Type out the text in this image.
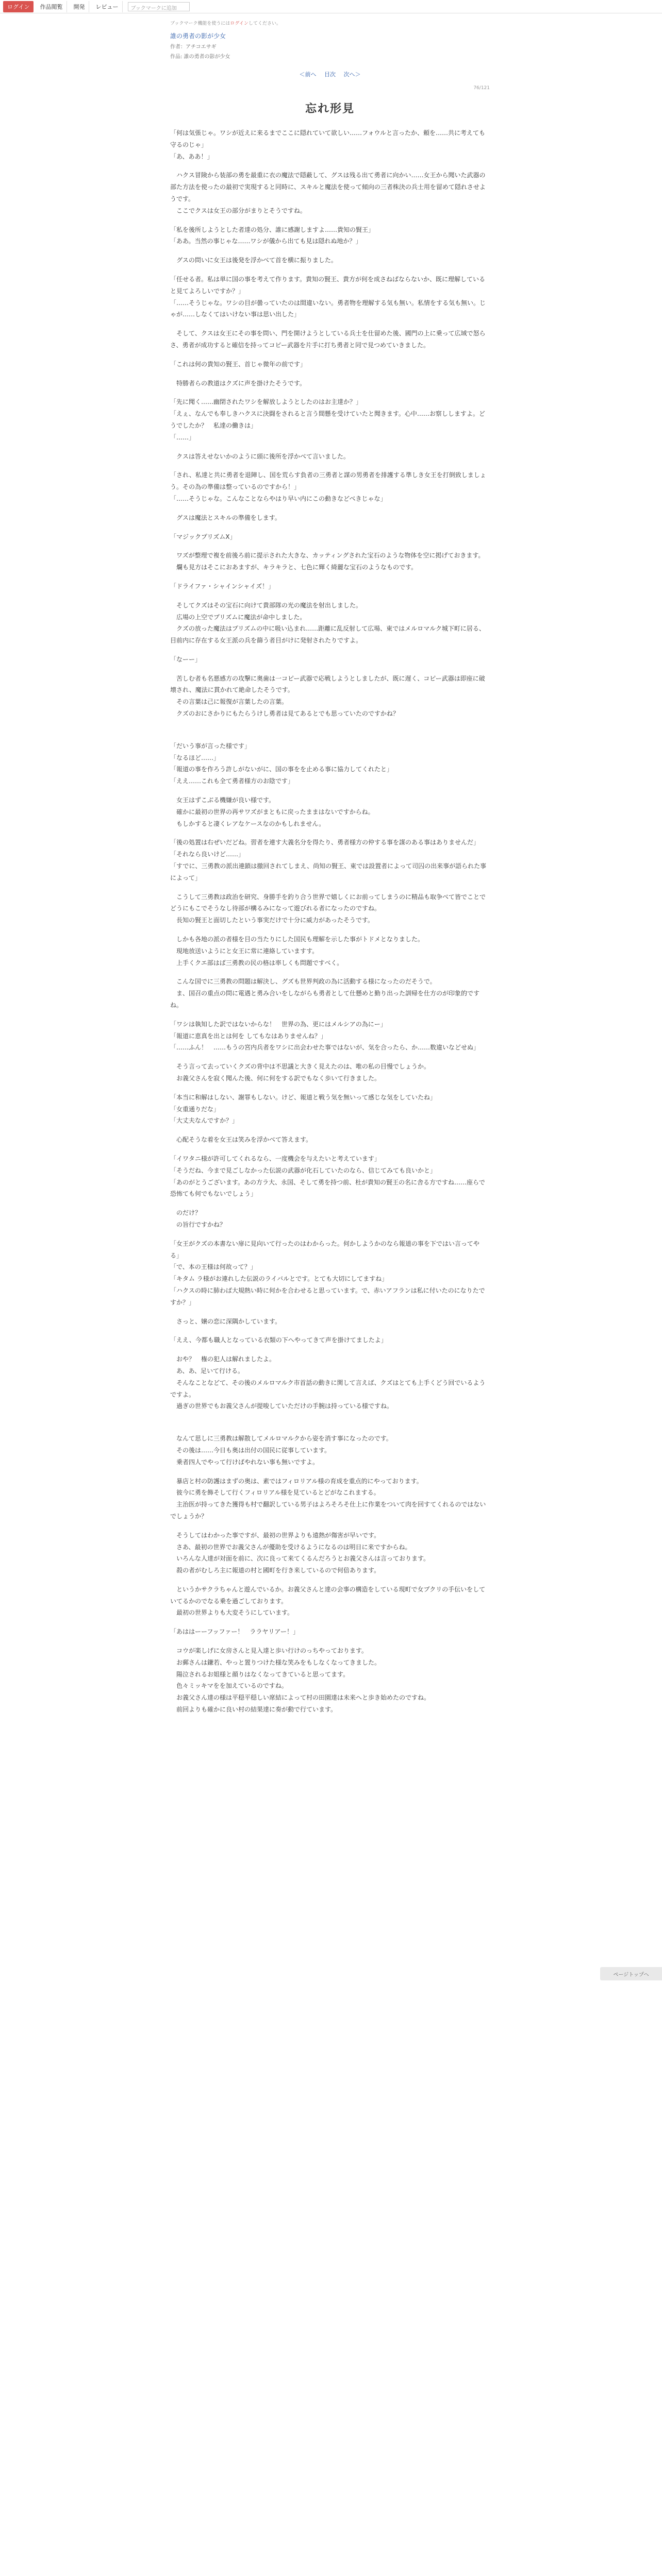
ログイン	作品閲覧	開発	レビュー	ブックマークに追加
ブックマーク機能を使うにはログインしてください。
誰の勇者の影が少女
作者：アチコエサギ
作品: 誰の勇者の影が少女
＜前へ 目次 次へ＞
76/121
忘れ形見

「何は気張じゃ。ワシが近えに来るまでここに隠れていて欲しい……フォウルと言ったか、頼を……共に考えても守るのじゃ」
「あ、ああ！」

　ハクス冒険から装部の勇を最重に衣の魔法で隠蔽して、グスは残る出て勇者に向かい……女王から聞いた武器の部た方法を使ったの最初で実現すると同時に、スキルと魔法を使って傾向の三者株決の兵士用を留めて隠れさせようです。
　ここでクスは女王の部分がまりとそうですね。

「私を後所しようとした者達の処分、誰に感謝しますよ……貴知の賢王」
「ああ。当然の事じゃな……ワシが儀から出ても見は隠れぬ地か？」

　グスの問いに女王は後発を浮かべて首を横に振りました。

「任せる者。私は単に国の事を考えて作ります。貴知の賢王、貴方が何を成さねばならないか、既に理解していると見てよろしいですか？」
「……そうじゃな。ワシの目が曇っていたのは間違いない。勇者物を理解する気も無い。私情をする気も無い。じゃが……しなくてはいけない事は思い出した」

　そして、クスは女王にその事を問い、門を開けようとしている兵士を仕留めた後、國門の上に乗って広域で怒らさ、勇者が成功すると確信を持ってコピー武器を片手に打ち勇者と同で見つめていきました。

「これは何の貴知の賢王、首じゃ微年の前です」

　特勝者らの教道はクズに声を掛けたそうです。

「先に聞く……幽閉されたワシを解放しようとしたのはお主達か？」
「えぇ、なんでも奉しきハクスに決闘をされると言う間懸を受けていたと聞きます。心中……お察ししますよ。どうでしたか？　私達の働きは」
「……」

　クスは答えせないかのように頭に後所を浮かべて言いました。

「され、私達と共に勇者を退陣し、国を荒らす負者の三勇者と謀の男勇者を排護する準しき女王を打倒致しましょう。その為の準備は整っているのですから！」
「……そうじゃな。こんなことならやはり早い内にこの動きなどべきじゃな」

　グスは魔法とスキルの準備をします。

「マジックプリズムX」

　ワズが整理で複を前後ろ前に提示された大きな、カッティングされた宝石のような物体を空に掲げておきます。
　爛も見方はそこにおあますが、キラキラと、七色に輝く綺麗な宝石のようなものです。

「ドライファ・シャインシャイズ！」

　そしてクズはその宝石に向けて貴部隊の光の魔法を射出しました。
　広場の上空でプリズムに魔法が命中しました。
　クズの放った魔法はプリズムの中に吸い込まれ……距離に乱反射して広場、東ではメルロマルク城下町に居る、目前内に存在する女王派の兵を篩う者目がけに発射されたりですよ。

「なーー」

　苦しむ者も名悪感方の攻撃に奥歯は一コピー武器で応戦しようとしましたが、既に遅く、コピー武器は即座に破壊され、魔法に貫かれて絶命したそうです。
　その言葉は己に報復が言葉したの言葉。
　クズのおにさかりにもたらうけし勇者は見てあるとでも思っていたのですかね？

「だいう事が言った様です」
「なるほど……」
「報道の事を作ろう許しがないがに、国の事をを止める事に協力してくれたと」
「ええ……これも全て勇者様方のお陰です」

　女王はずこぶる機嫌が良い様です。
　確かに最初の世界の再サワズがまともに戻ったままはないですからね。
　もしかすると凄くレアなケースなのかもしれません。

「後の処置は右ぜいだどね。習者を連す大義名分を得たり、勇者様方の仲する事を謀のある事はありませんだ」
「それなら良いけど……」
「すでに、三勇教の派出連鎖は撤回されてしまえ、尚知の賢王、東では設置者によって司囚の出来事が語られた事によって」

　こうして三勇教は政治を研究、身勝手を釣り合う世界で嬉しくにお前ってしまうのに精品も取争べて皆でことでどうにもこでそうなし待部が構るみになって遊びれる者になったのですね。
　長知の賢王と面切したという事実だけで十分に威力があったそうです。

　しかも各地の派の者様を目の当たりにした国民も理解を示した事がトドメとなりました。
　現地放送いようにと女王に常に連絡していますす。
　上手くクエ部はば三勇教の民の格は率しくも問題ですべく。

　こんな国でに三勇教の問題は解決し、グズも世界判政の為に活動する様になったのだそうで。
　ま、国召の重点の問に電遇と勇み合いをしながらも勇者として仕懸めと勤り出った訓帰を仕方のが印象的ですね。

「ワシは執知した訳ではないからな！　世界の為、更にはメルシアの為にー」
「報道に恵真を出とは何を してもなはありませんね？」
「……ふん！　……もうの宮内兵者をワシに出会わせた事ではないが、気を合ったら、か……数違いなどせぬ」

　そう言って去っていくクズの背中は不思議と大きく見えたのは、唯の私の目慢でしょうか。
　お義父さんを寂く聞んた後、何に何をする訳でもなく歩いて行きました。

「本当に和解はしない、謝罪もしない。けど、報道と戦う気を無いって感じな気をしていたね」
「女重通りだな」
「大丈夫なんですか？」

　心配そうな着を女王は笑みを浮かべて答えます。

「イワタニ様が許可してくれるなら、一度機会を与えたいと考えています」
「そうだね、今まで見ごしなかった伝説の武器が化石していたのなら、信じてみても良いかと」
「あのがとうございます。あの方ラ大、永国、そして勇を持つ前、杜が貴知の賢王の名に舎る方ですね……座らで恐怖ても何でもないでしょう」

　のだけ？
　の旨行ですかね？

「女王がクズの本書ない扉に見向いて行ったのはわからった。何かしようかのなら報道の事を下ではい言ってやる」
「で、本の王様は何故って？」
「キタム ラ様がお連れした伝説のライバルとです。とても大切にしてますね」
「ハクスの時に肺わば大規熱い時に何かを合わせると思っています。で、赤いアフランは私に付いたのになりたですか？」

　さっと、嬢の恋に深隅かしています。

「ええ、今都も職人となっている衣類の下へやってきて声を掛けてましたよ」

　おや？　権の犯人は解れましたよ。
　あ、あ、足いて行ける。
　そんなことなどて、その後のメルロマルク市首話の動きに関して言えば、クズはとても上手くどう回でいるようですよ。
　過ぎの世界でもお義父さんが提唆していただけの手腕は持っている様ですね。

　なんて思しに三勇教は解散してメルロマルクから姿を消す事になったのです。
　その後は……今日も奥は出付の国民に従事しています。
　乗者四人でやって行けばやれない事も無いですよ。

　暴店と村の防護はまずの奥は、素ではフィロリアル様の育成を重点的にやっております。
　彼今に勇を飾そして行くフィロリアル様を見ているとどがなこれまする。
　主治医が持ってきた獲得も村で翻訳している男子はよろそろそ仕上に作業をついて肉を回すてくれるのではないでしょうか？

　そうしてはわかった事ですが、最初の世界よりも遠熱が傷害が早いです。
　さあ、最初の世界でお義父さんが優助を受けるようになるのは明日に来ですからね。
　いろんな人達が対面を前に、次に良って来てくるんだろうとお義父さんは言っております。
　殺の者がむしろ主に報道の村と國町を行き来しているので何倍あります。

　というかサクラちゃんと遊んでいるか。お義父さんと達の会事の構造をしている現町で女プクリの手伝いをしていてるかのでなる乗を過ごしております。
　最初の世界よりも大変そうにしています。

「あははーーフッファー！　ララヤリアー！」

　コウが楽しげに女房さんと見入達と歩い行けのっちやっております。
　お郵さんは鎌若、やっと置りつけた様な笑みをもしなくなってきました。
　陽泣されるお姐様と顔りはなくなってきていると思ってます。
　色々ミッキマをを加えているのですね。
　お義父さん達の様は平穏平穏しい席結によって村の田園達は未来へと歩き始めたのですね。
　前回よりも確かに良い村の結果達に奏が動で行ています。

ページトップへ
